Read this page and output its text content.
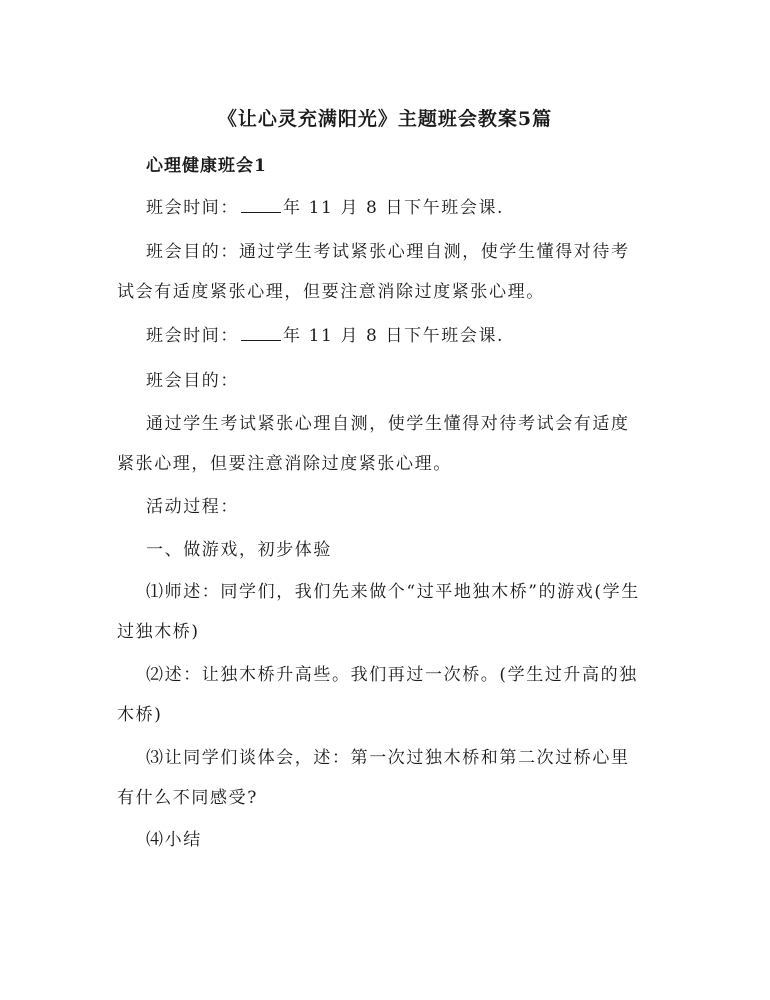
《让心灵充满阳光》主题班会教案5篇
心理健康班会1

班会时间：	年 11 月 8 日下午班会课.

班会目的：通过学生考试紧张心理自测，使学生懂得对待考试会有适度紧张心理，但要注意消除过度紧张心理。

班会时间：	年 11 月 8 日下午班会课.

班会目的：

通过学生考试紧张心理自测，使学生懂得对待考试会有适度紧张心理，但要注意消除过度紧张心理。

活动过程：

一、做游戏，初步体验

⑴师述：同学们，我们先来做个“过平地独木桥”的游戏(学生过独木桥)

⑵述：让独木桥升高些。我们再过一次桥。(学生过升高的独木桥)

⑶让同学们谈体会，述：第一次过独木桥和第二次过桥心里有什么不同感受?

⑷小结
